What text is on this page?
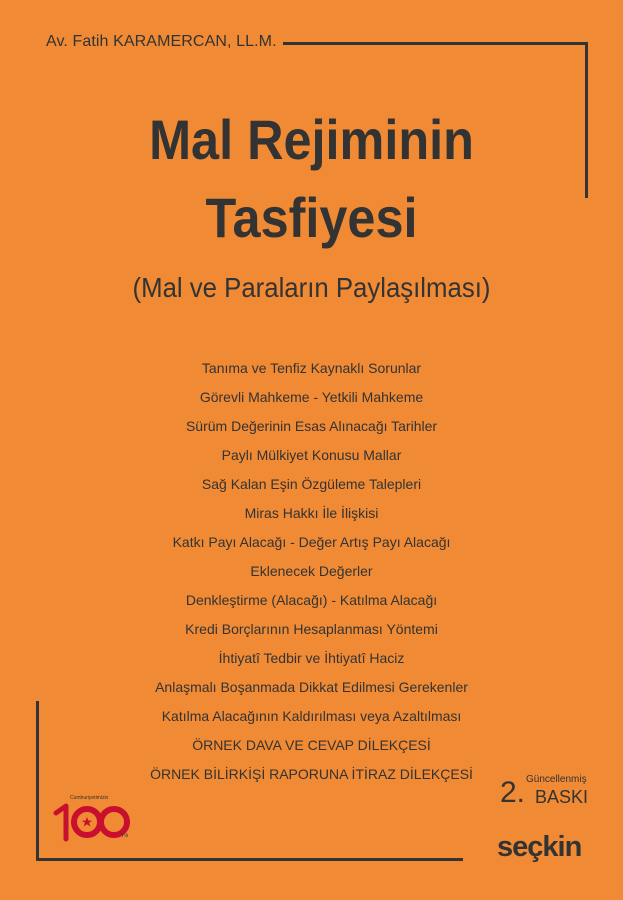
Av. Fatih KARAMERCAN, LL.M.
Mal Rejiminin
Tasfiyesi
(Mal ve Paraların Paylaşılması)
Tanıma ve Tenfiz Kaynaklı Sorunlar
Görevli Mahkeme - Yetkili Mahkeme
Sürüm Değerinin Esas Alınacağı Tarihler
Paylı Mülkiyet Konusu Mallar
Sağ Kalan Eşin Özgüleme Talepleri
Miras Hakkı İle İlişkisi
Katkı Payı Alacağı - Değer Artış Payı Alacağı
Eklenecek Değerler
Denkleştirme (Alacağı) - Katılma Alacağı
Kredi Borçlarının Hesaplanması Yöntemi
İhtiyatî Tedbir ve İhtiyatî Haciz
Anlaşmalı Boşanmada Dikkat Edilmesi Gerekenler
Katılma Alacağının Kaldırılması veya Azaltılması
ÖRNEK DAVA VE CEVAP DİLEKÇESİ
ÖRNEK BİLİRKİŞİ RAPORUNA İTİRAZ DİLEKÇESİ
2. Güncellenmiş
BASKI
Cumhuriyetimizin
Yılı	seçkin
